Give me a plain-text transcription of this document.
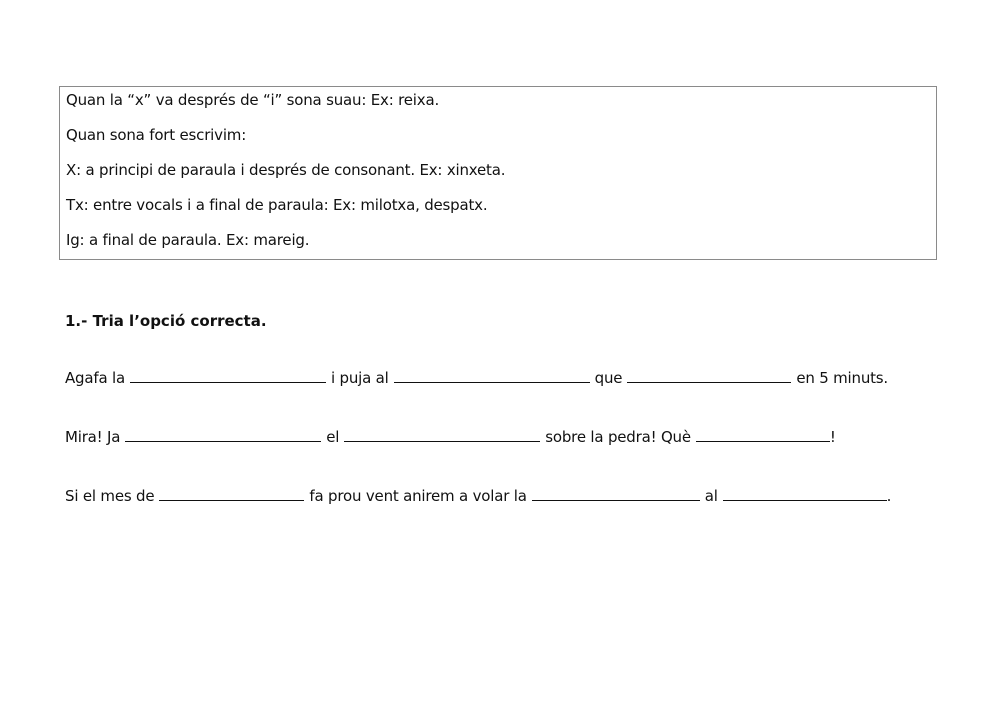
Quan la “x” va després de “i” sona suau: Ex: reixa.

Quan sona fort escrivim:

X: a principi de paraula i després de consonant. Ex: xinxeta.

Tx: entre vocals i a final de paraula: Ex: milotxa, despatx.

Ig: a final de paraula. Ex: mareig.

1.- Tria l’opció correcta.

Agafa la	i puja al	que	en 5 minuts.

Mira! Ja	el	sobre la pedra! Què	!

Si el mes de	fa prou vent anirem a volar la	al	.
